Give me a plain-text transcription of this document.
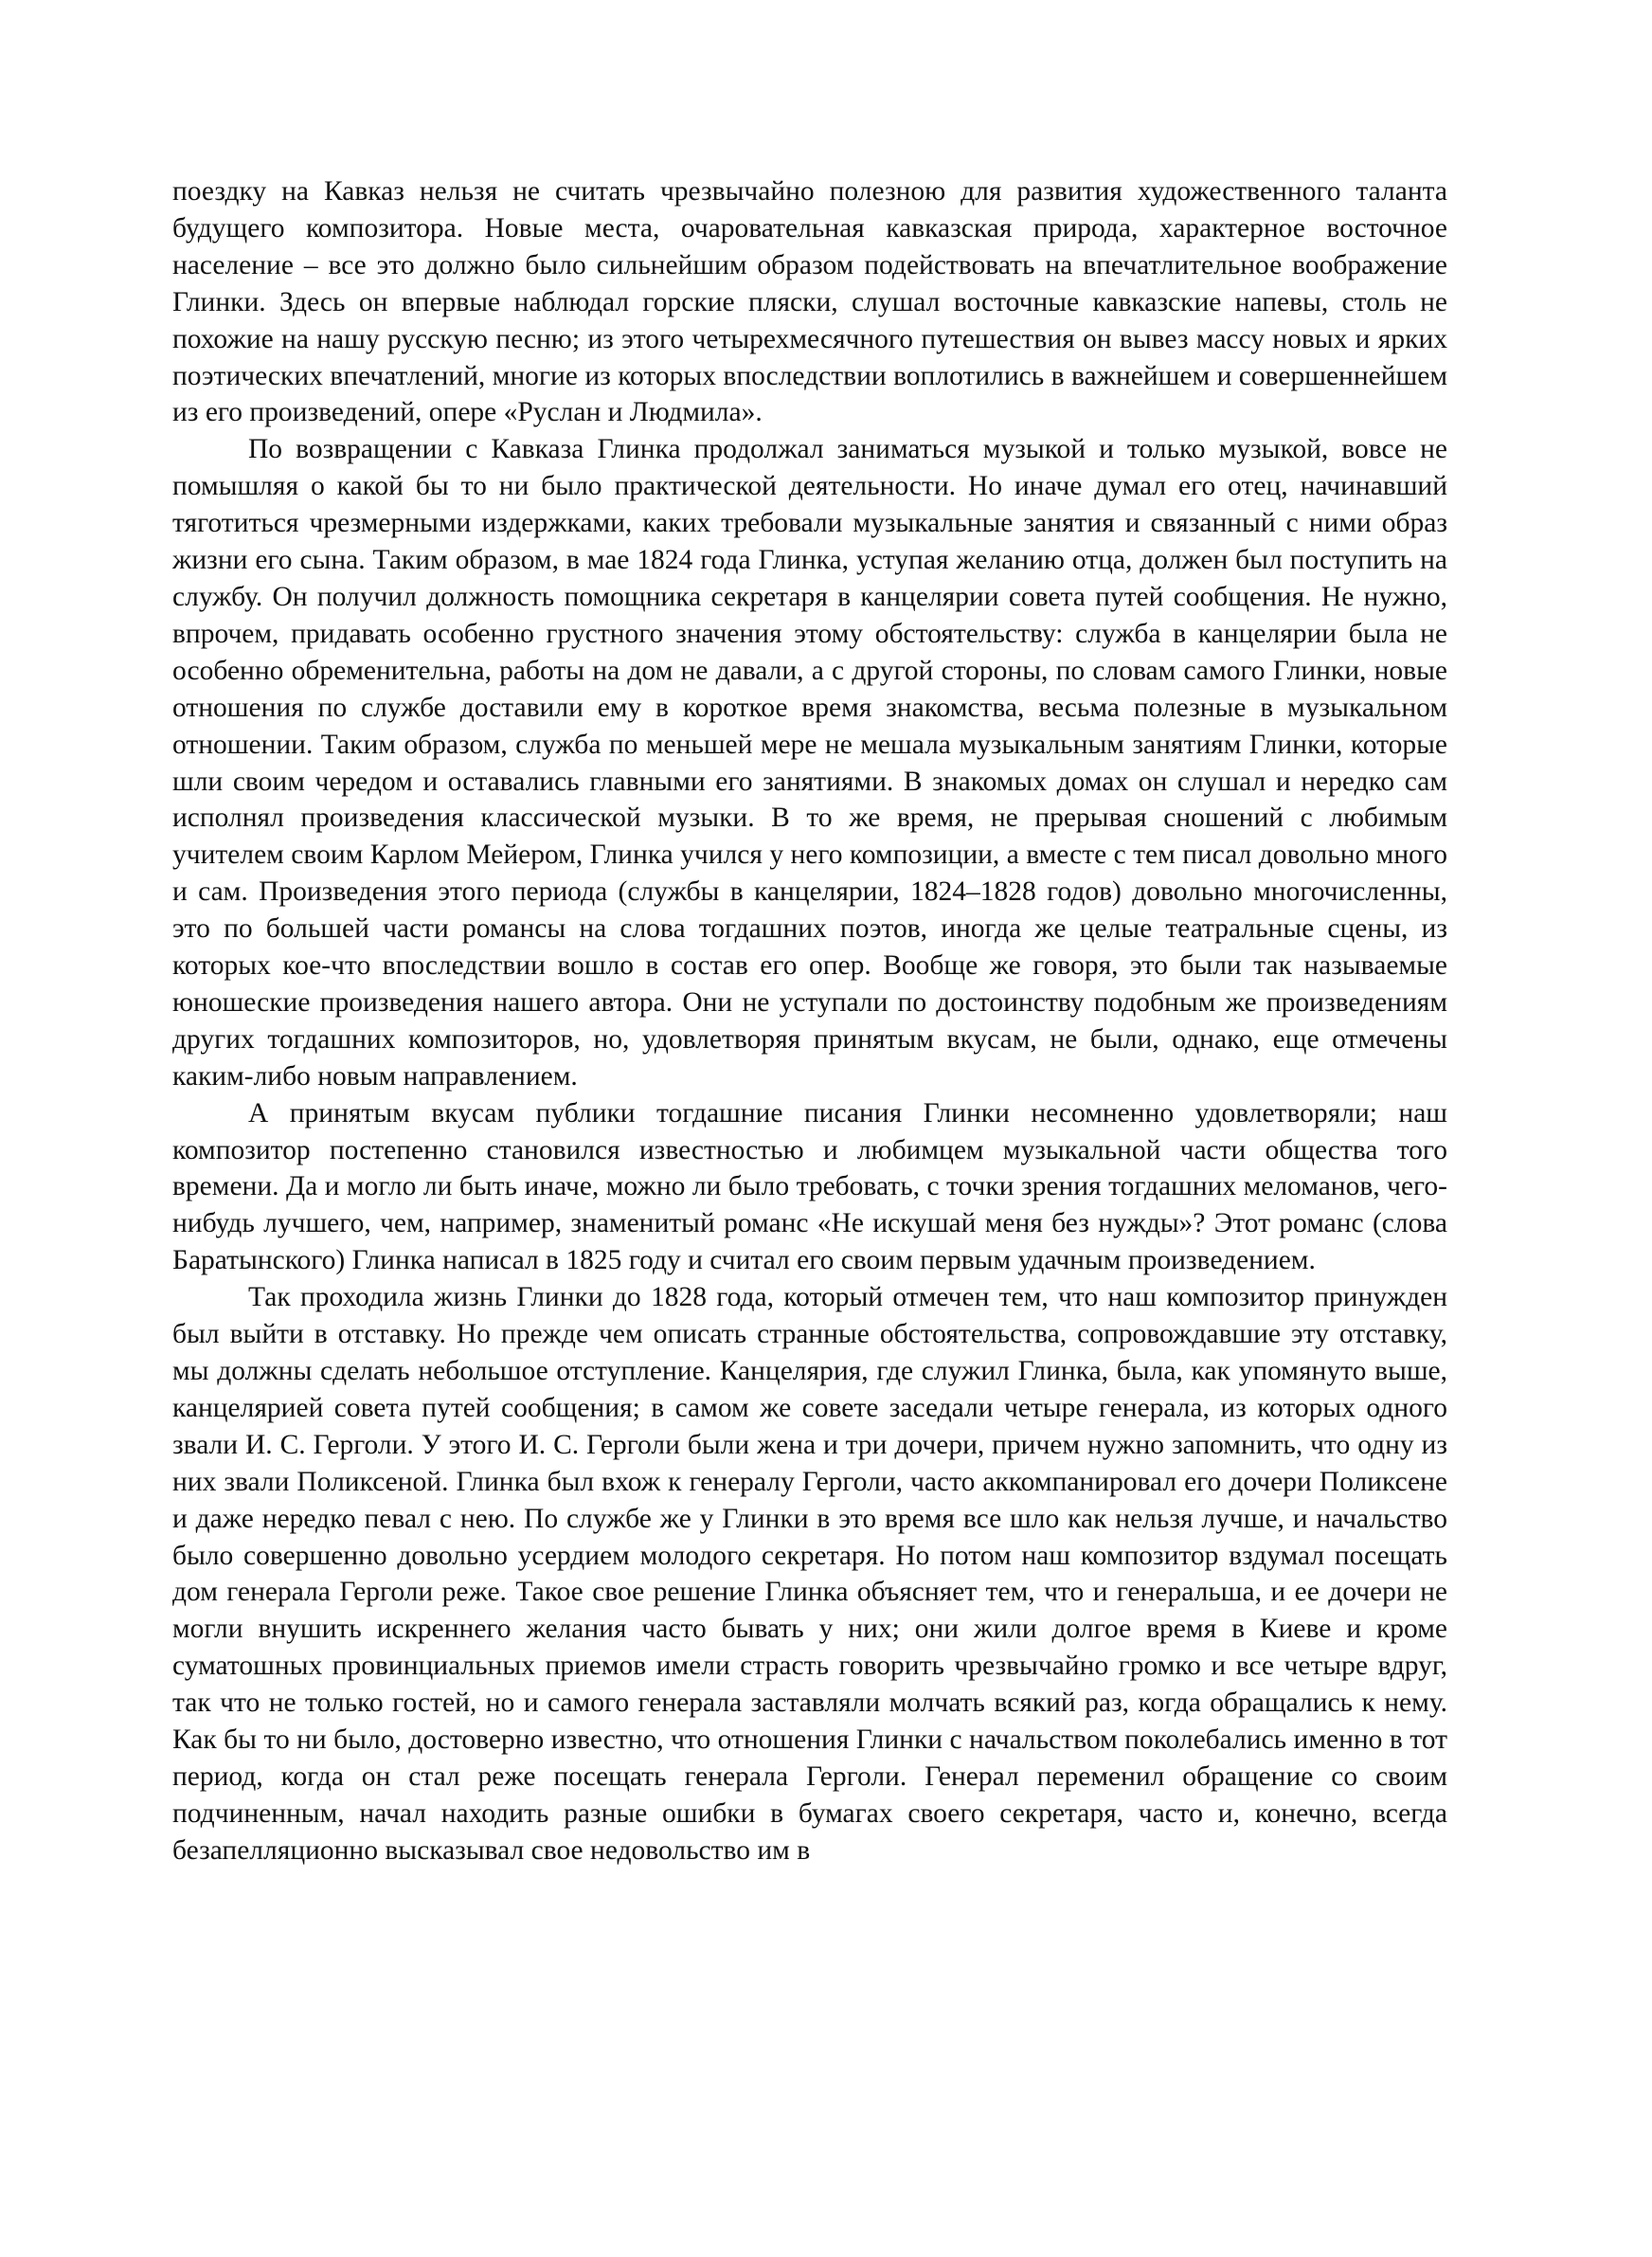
поездку на Кавказ нельзя не считать чрезвычайно полезною для развития художественного таланта будущего композитора. Новые места, очаровательная кавказская природа, характерное восточное население – все это должно было сильнейшим образом подействовать на впечатлительное воображение Глинки. Здесь он впервые наблюдал горские пляски, слушал восточные кавказские напевы, столь не похожие на нашу русскую песню; из этого четырехмесячного путешествия он вывез массу новых и ярких поэтических впечатлений, многие из которых впоследствии воплотились в важнейшем и совершеннейшем из его произведений, опере «Руслан и Людмила».

По возвращении с Кавказа Глинка продолжал заниматься музыкой и только музыкой, вовсе не помышляя о какой бы то ни было практической деятельности. Но иначе думал его отец, начинавший тяготиться чрезмерными издержками, каких требовали музыкальные занятия и связанный с ними образ жизни его сына. Таким образом, в мае 1824 года Глинка, уступая желанию отца, должен был поступить на службу. Он получил должность помощника секретаря в канцелярии совета путей сообщения. Не нужно, впрочем, придавать особенно грустного значения этому обстоятельству: служба в канцелярии была не особенно обременительна, работы на дом не давали, а с другой стороны, по словам самого Глинки, новые отношения по службе доставили ему в короткое время знакомства, весьма полезные в музыкальном отношении. Таким образом, служба по меньшей мере не мешала музыкальным занятиям Глинки, которые шли своим чередом и оставались главными его занятиями. В знакомых домах он слушал и нередко сам исполнял произведения классической музыки. В то же время, не прерывая сношений с любимым учителем своим Карлом Мейером, Глинка учился у него композиции, а вместе с тем писал довольно много и сам. Произведения этого периода (службы в канцелярии, 1824–1828 годов) довольно многочисленны, это по большей части романсы на слова тогдашних поэтов, иногда же целые театральные сцены, из которых кое-что впоследствии вошло в состав его опер. Вообще же говоря, это были так называемые юношеские произведения нашего автора. Они не уступали по достоинству подобным же произведениям других тогдашних композиторов, но, удовлетворяя принятым вкусам, не были, однако, еще отмечены каким-либо новым направлением.

А принятым вкусам публики тогдашние писания Глинки несомненно удовлетворяли; наш композитор постепенно становился известностью и любимцем музыкальной части общества того времени. Да и могло ли быть иначе, можно ли было требовать, с точки зрения тогдашних меломанов, чего-нибудь лучшего, чем, например, знаменитый романс «Не искушай меня без нужды»? Этот романс (слова Баратынского) Глинка написал в 1825 году и считал его своим первым удачным произведением.

Так проходила жизнь Глинки до 1828 года, который отмечен тем, что наш композитор принужден был выйти в отставку. Но прежде чем описать странные обстоятельства, сопровождавшие эту отставку, мы должны сделать небольшое отступление. Канцелярия, где служил Глинка, была, как упомянуто выше, канцелярией совета путей сообщения; в самом же совете заседали четыре генерала, из которых одного звали И. С. Герголи. У этого И. С. Герголи были жена и три дочери, причем нужно запомнить, что одну из них звали Поликсеной. Глинка был вхож к генералу Герголи, часто аккомпанировал его дочери Поликсене и даже нередко певал с нею. По службе же у Глинки в это время все шло как нельзя лучше, и начальство было совершенно довольно усердием молодого секретаря. Но потом наш композитор вздумал посещать дом генерала Герголи реже. Такое свое решение Глинка объясняет тем, что и генеральша, и ее дочери не могли внушить искреннего желания часто бывать у них; они жили долгое время в Киеве и кроме суматошных провинциальных приемов имели страсть говорить чрезвычайно громко и все четыре вдруг, так что не только гостей, но и самого генерала заставляли молчать всякий раз, когда обращались к нему. Как бы то ни было, достоверно известно, что отношения Глинки с начальством поколебались именно в тот период, когда он стал реже посещать генерала Герголи. Генерал переменил обращение со своим подчиненным, начал находить разные ошибки в бумагах своего секретаря, часто и, конечно, всегда безапелляционно высказывал свое недовольство им в
